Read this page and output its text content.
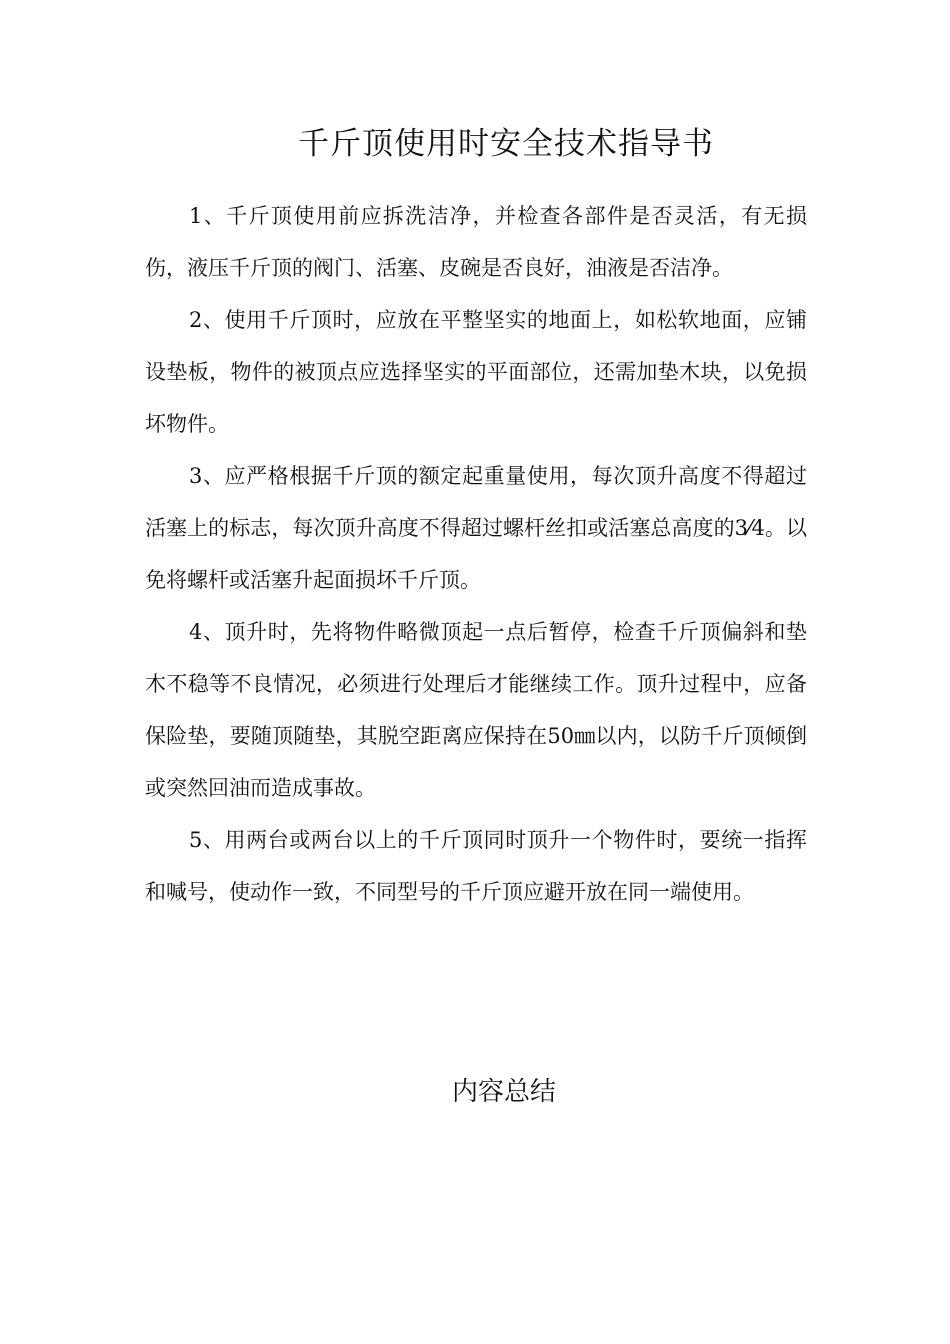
千斤顶使用时安全技术指导书

1、千斤顶使用前应拆洗洁净，并检查各部件是否灵活，有无损伤，液压千斤顶的阀门、活塞、皮碗是否良好，油液是否洁净。

2、使用千斤顶时，应放在平整坚实的地面上，如松软地面，应铺设垫板，物件的被顶点应选择坚实的平面部位，还需加垫木块，以免损坏物件。

3、应严格根据千斤顶的额定起重量使用，每次顶升高度不得超过活塞上的标志，每次顶升高度不得超过螺杆丝扣或活塞总高度的3⁄4。以免将螺杆或活塞升起面损坏千斤顶。

4、顶升时，先将物件略微顶起一点后暂停，检查千斤顶偏斜和垫木不稳等不良情况，必须进行处理后才能继续工作。顶升过程中，应备保险垫，要随顶随垫，其脱空距离应保持在50㎜以内，以防千斤顶倾倒或突然回油而造成事故。

5、用两台或两台以上的千斤顶同时顶升一个物件时，要统一指挥和喊号，使动作一致，不同型号的千斤顶应避开放在同一端使用。

内容总结
